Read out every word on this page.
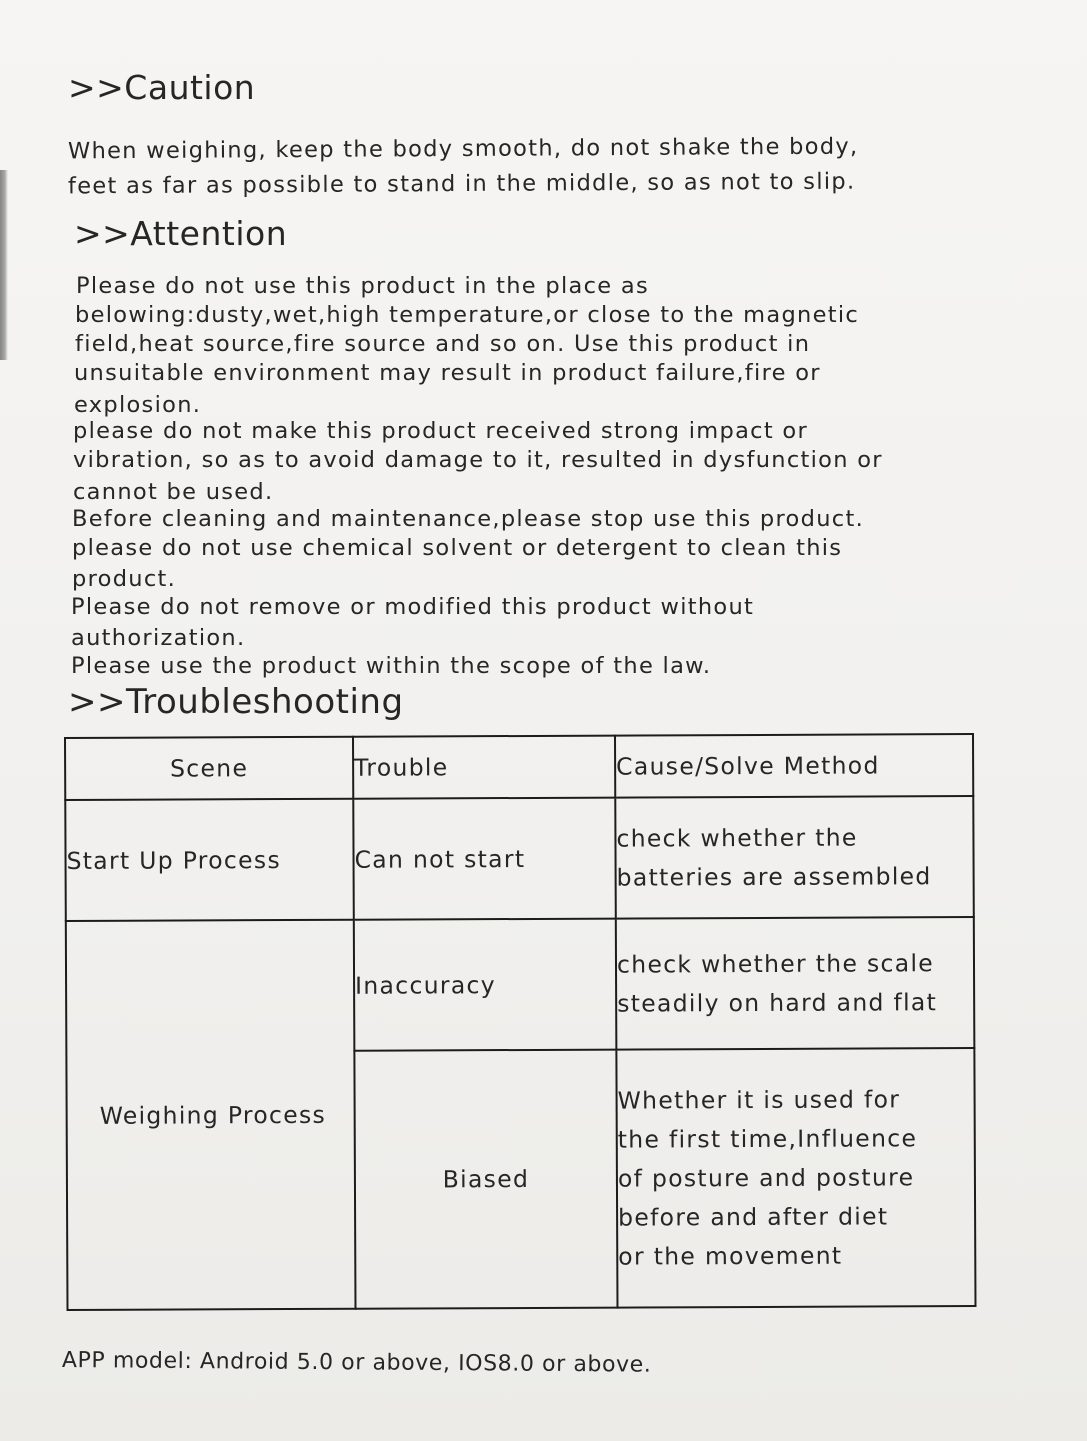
>>Caution

When weighing, keep the body smooth, do not shake the body,

feet as far as possible to stand in the middle, so as not to slip.

>>Attention

Please do not use this product in the place as

belowing:dusty,wet,high temperature,or close to the magnetic

field,heat source,fire source and so on. Use this product in

unsuitable environment may result in product failure,fire or

explosion.

please do not make this product received strong impact or

vibration, so as to avoid damage to it, resulted in dysfunction or

cannot be used.

Before cleaning and maintenance,please stop use this product.

please do not use chemical solvent or detergent to clean this

product.

Please do not remove or modified this product without

authorization.

Please use the product within the scope of the law.

>>Troubleshooting
Scene	Trouble	Cause/Solve Method
Start Up Process	Can not start	check whether the
batteries are assembled

Weighing Process	Inaccuracy	check whether the scale
steadily on hard and flat

	Biased	Whether it is used for
the first time,Influence
of posture and posture
before and after diet
or the movement

APP model: Android 5.0 or above, IOS8.0 or above.
